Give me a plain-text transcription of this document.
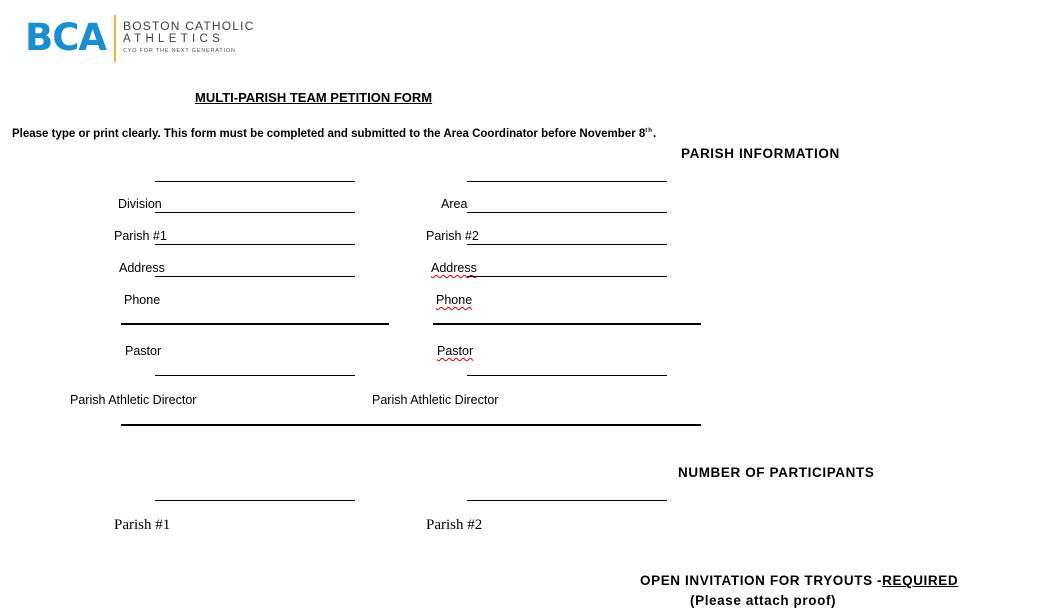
BCA BOSTON CATHOLIC
ATHLETICS
CYO FOR THE NEXT GENERATION
MULTI-PARISH TEAM PETITION FORM
Please type or print clearly. This form must be completed and submitted to the Area Coordinator before November 8th.
PARISH INFORMATION
Division	Area
Parish #1	Parish #2
Address	Address
Phone	Phone
Pastor	Pastor
Parish Athletic Director	Parish Athletic Director
NUMBER OF PARTICIPANTS
Parish #1	Parish #2
OPEN INVITATION FOR TRYOUTS -REQUIRED
(Please attach proof)
